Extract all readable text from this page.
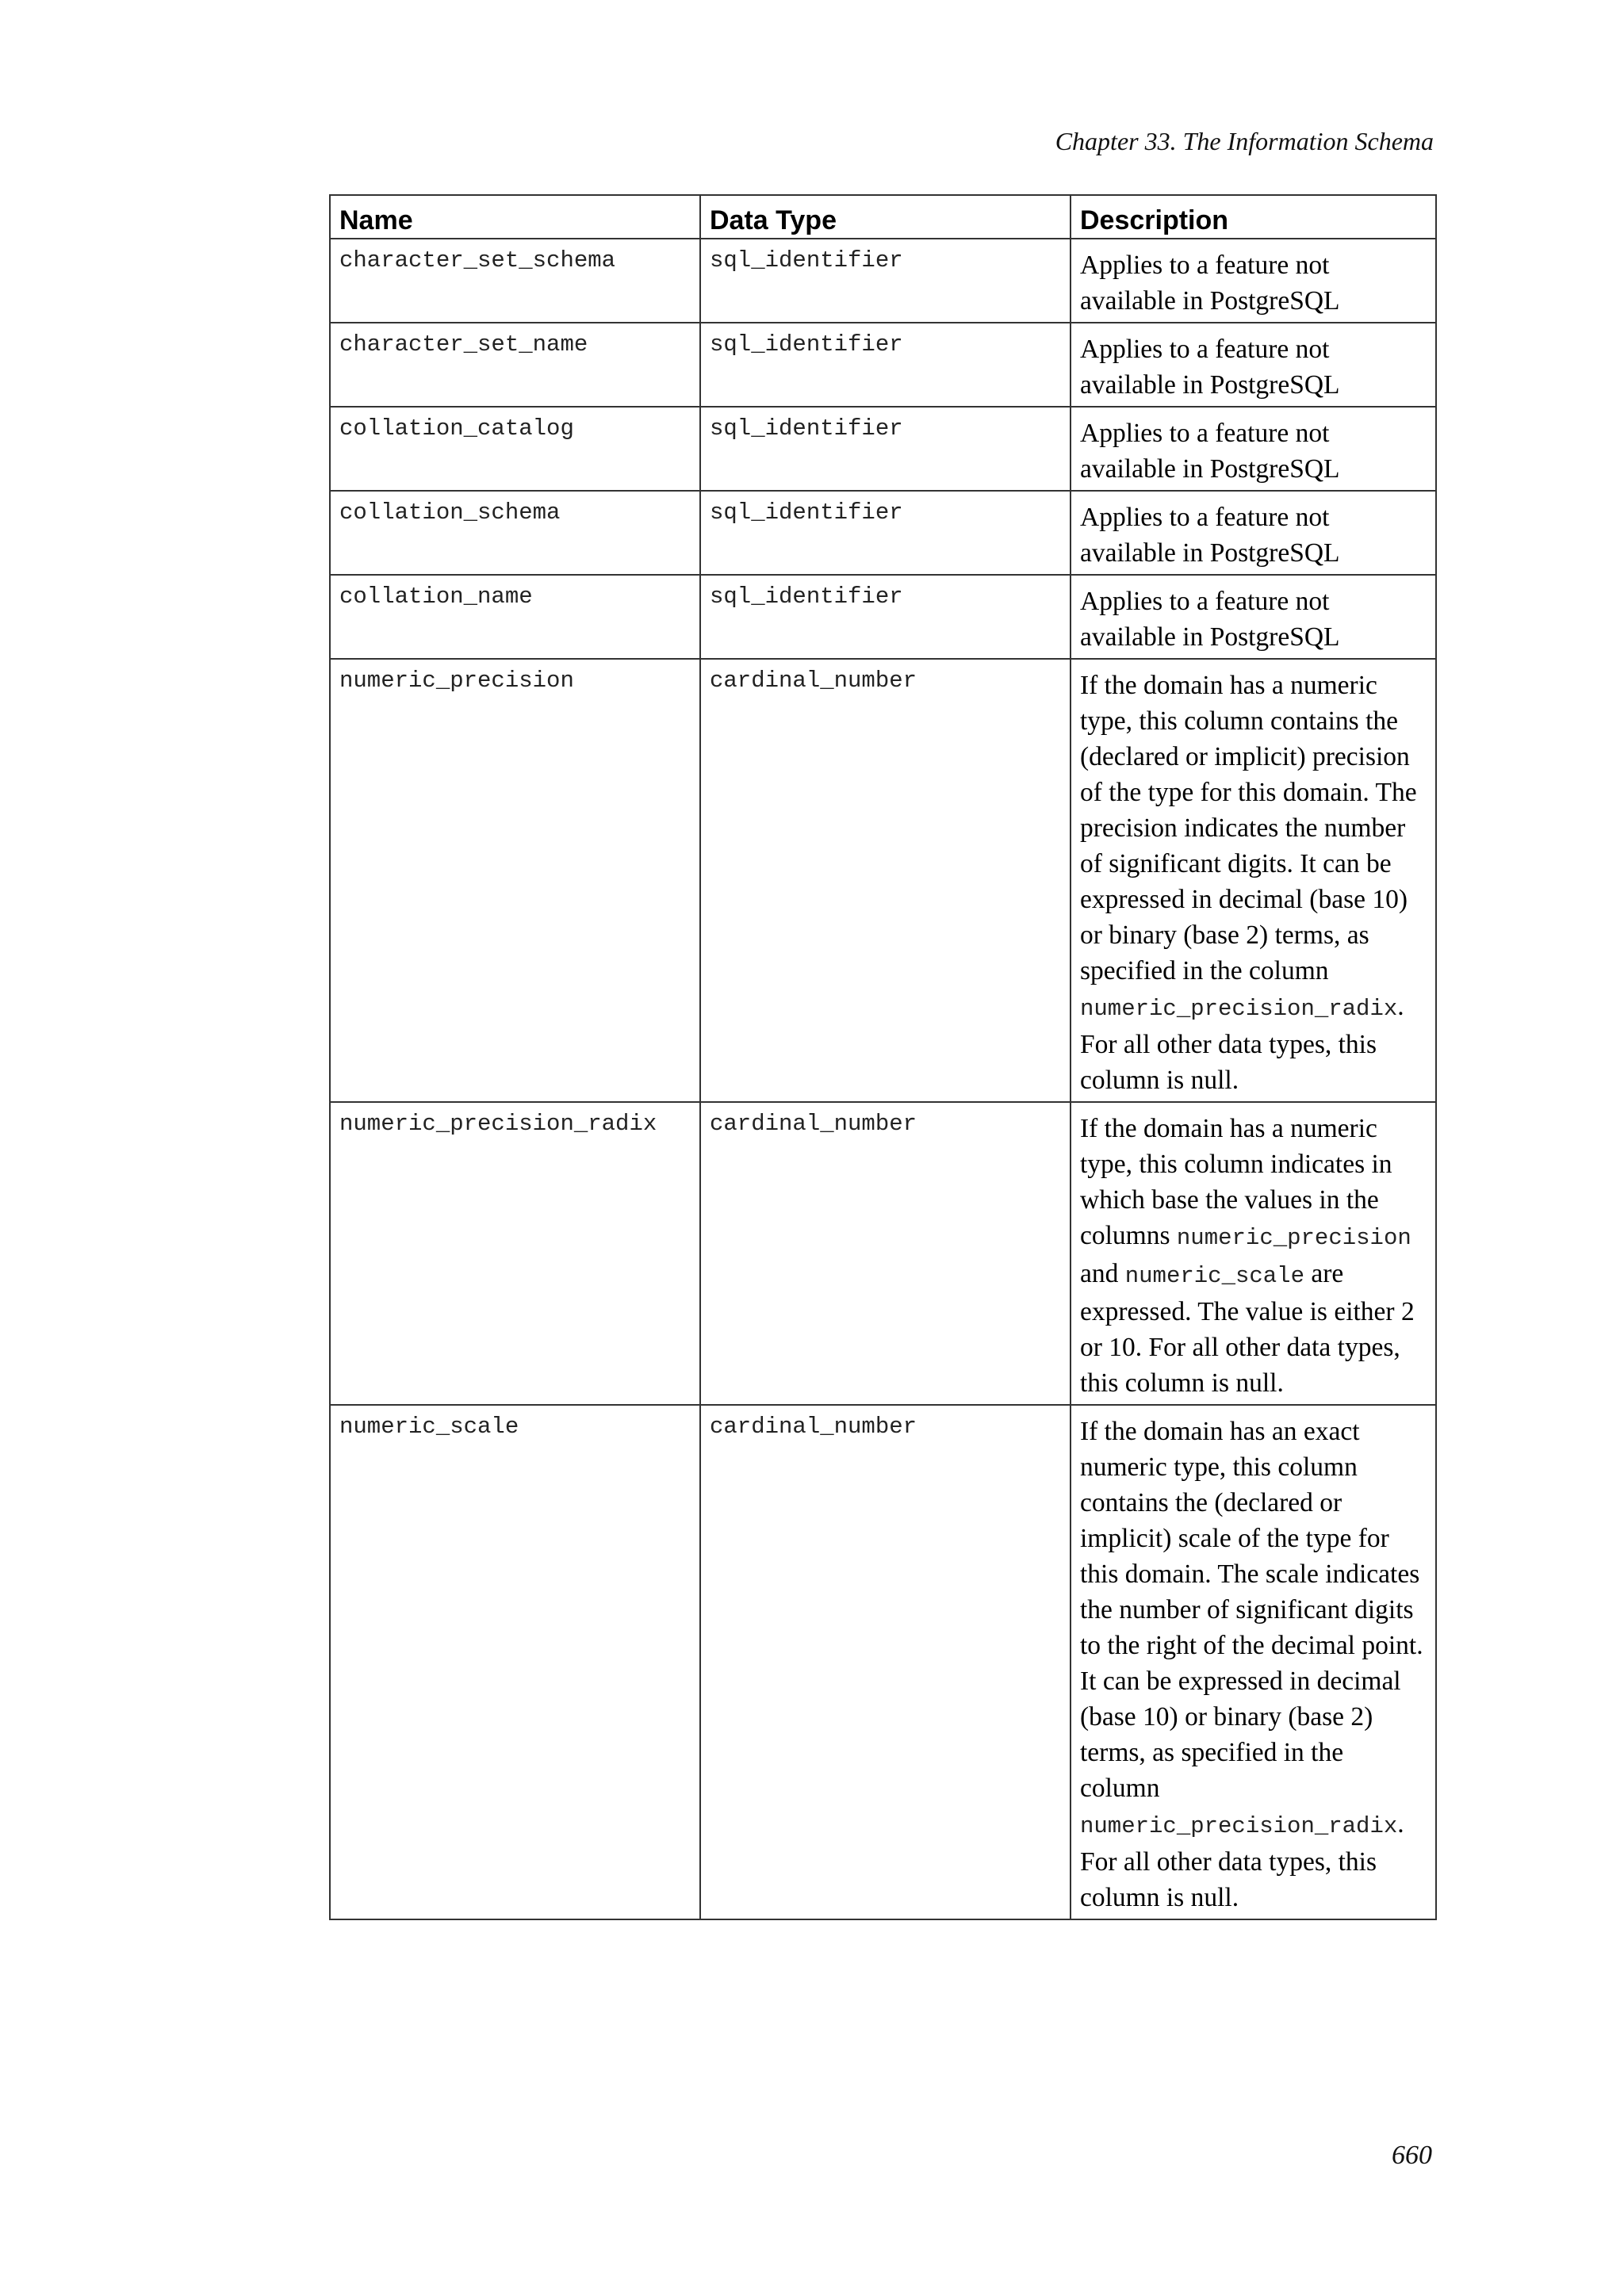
Chapter 33. The Information Schema
Name	Data Type	Description
character_set_schema	sql_identifier	Applies to a feature not available in PostgreSQL
character_set_name	sql_identifier	Applies to a feature not available in PostgreSQL
collation_catalog	sql_identifier	Applies to a feature not available in PostgreSQL
collation_schema	sql_identifier	Applies to a feature not available in PostgreSQL
collation_name	sql_identifier	Applies to a feature not available in PostgreSQL
numeric_precision	cardinal_number	If the domain has a numeric type, this column contains the (declared or implicit) precision of the type for this domain. The precision indicates the number of significant digits. It can be expressed in decimal (base 10) or binary (base 2) terms, as specified in the column numeric_precision_radix. For all other data types, this column is null.
numeric_precision_radix	cardinal_number	If the domain has a numeric type, this column indicates in which base the values in the columns numeric_precision and numeric_scale are expressed. The value is either 2 or 10. For all other data types, this column is null.
numeric_scale	cardinal_number	If the domain has an exact numeric type, this column contains the (declared or implicit) scale of the type for this domain. The scale indicates the number of significant digits to the right of the decimal point. It can be expressed in decimal (base 10) or binary (base 2) terms, as specified in the column numeric_precision_radix. For all other data types, this column is null.
660
